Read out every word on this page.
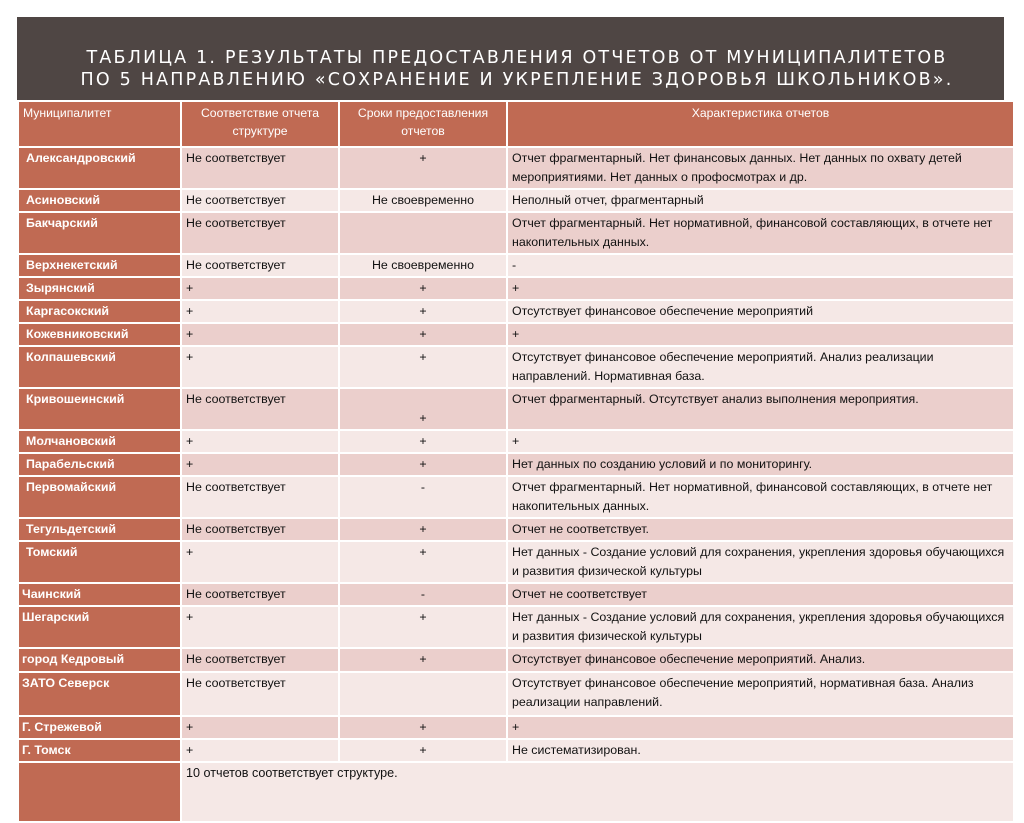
ТАБЛИЦА 1. РЕЗУЛЬТАТЫ ПРЕДОСТАВЛЕНИЯ ОТЧЕТОВ ОТ МУНИЦИПАЛИТЕТОВ ПО 5 НАПРАВЛЕНИЮ «СОХРАНЕНИЕ И УКРЕПЛЕНИЕ ЗДОРОВЬЯ ШКОЛЬНИКОВ».
Муниципалитет	Соответствие отчета структуре	Сроки предоставления отчетов	Характеристика отчетов
Александровский	Не соответствует	+	Отчет фрагментарный. Нет финансовых данных. Нет данных по охвату детей мероприятиями. Нет данных о профосмотрах и др.
Асиновский	Не соответствует	Не своевременно	Неполный отчет, фрагментарный
Бакчарский	Не соответствует		Отчет фрагментарный. Нет нормативной, финансовой составляющих, в отчете нет накопительных данных.
Верхнекетский	Не соответствует	Не своевременно	-
Зырянский	+	+	+
Каргасокский	+	+	Отсутствует финансовое обеспечение мероприятий
Кожевниковский	+	+	+
Колпашевский	+	+	Отсутствует финансовое обеспечение мероприятий. Анализ реализации направлений. Нормативная база.
Кривошеинский	Не соответствует	+	Отчет фрагментарный. Отсутствует анализ выполнения мероприятия.
Молчановский	+	+	+
Парабельский	+	+	Нет данных по созданию условий и по мониторингу.
Первомайский	Не соответствует	-	Отчет фрагментарный. Нет нормативной, финансовой составляющих, в отчете нет накопительных данных.
Тегульдетский	Не соответствует	+	Отчет не соответствует.
Томский	+	+	Нет данных - Создание условий для сохранения, укрепления здоровья обучающихся и развития физической культуры
Чаинский	Не соответствует	-	Отчет не соответствует
Шегарский	+	+	Нет данных - Создание условий для сохранения, укрепления здоровья обучающихся и развития физической культуры
город Кедровый	Не соответствует	+	Отсутствует финансовое обеспечение мероприятий. Анализ.
ЗАТО Северск	Не соответствует		Отсутствует финансовое обеспечение мероприятий, нормативная база. Анализ реализации направлений.
Г. Стрежевой	+	+	+
Г. Томск	+	+	Не систематизирован.
	10 отчетов соответствует структуре.		
